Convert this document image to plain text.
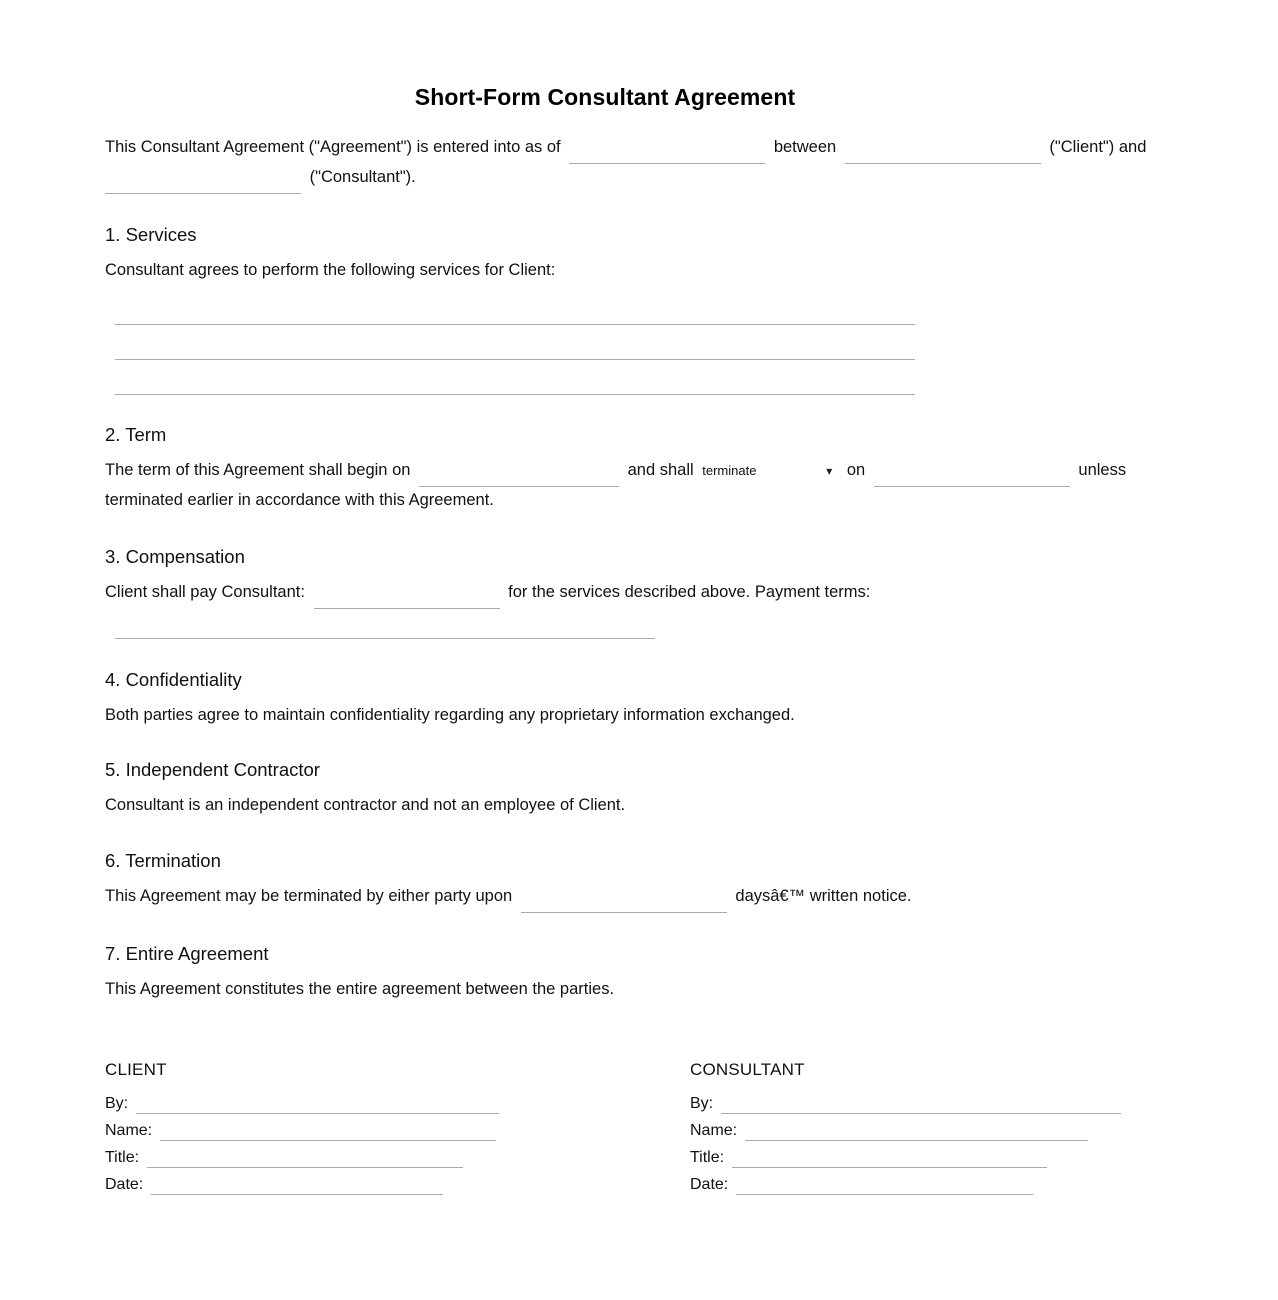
Short-Form Consultant Agreement

This Consultant Agreement ("Agreement") is entered into as of	between	("Client") and
("Consultant").

1. Services

Consultant agrees to perform the following services for Client:

2. Term

The term of this Agreement shall begin on	and shall
terminate	▾ on	unless
terminated earlier in accordance with this Agreement.

3. Compensation

Client shall pay Consultant:	for the services described above. Payment terms:

4. Confidentiality

Both parties agree to maintain confidentiality regarding any proprietary information exchanged.

5. Independent Contractor

Consultant is an independent contractor and not an employee of Client.

6. Termination

This Agreement may be terminated by either party upon	daysâ€™ written notice.

7. Entire Agreement

This Agreement constitutes the entire agreement between the parties.

CLIENT
By:
Name:
Title:
Date:
CONSULTANT
By:
Name:
Title:
Date:
